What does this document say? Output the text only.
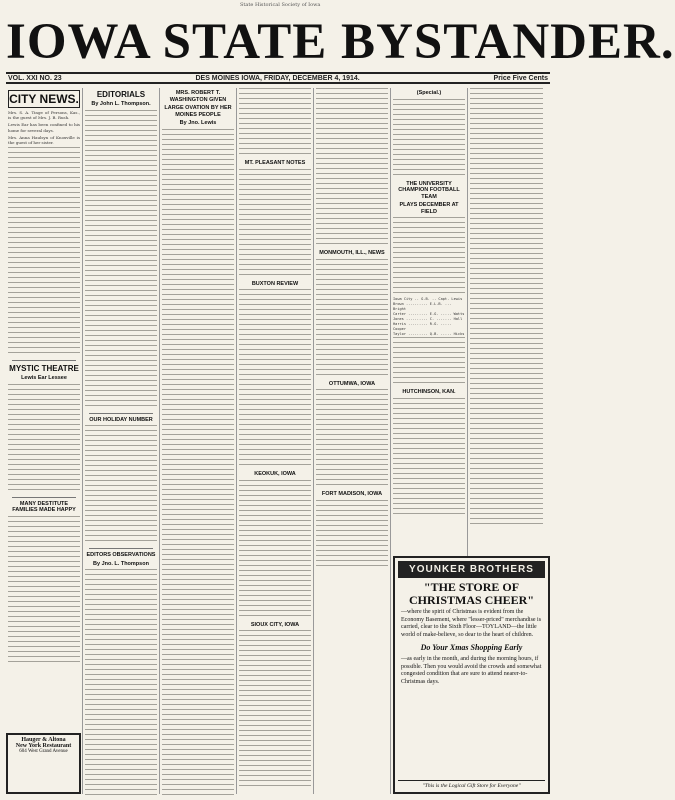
State Historical Society of Iowa
IOWA STATE BYSTANDER.
VOL. XXI NO. 23	DES MOINES IOWA, FRIDAY, DECEMBER 4, 1914.	Price Five Cents
CITY NEWS.
Mrs. S. A. Tinge of Persons, Kas., is the guest of Mrs. J. B. Rush.
Lewis Ear has been confined to his home for several days.
Mrs. Anna Haulsyn of Knoxville is the guest of her sister.
MYSTIC THEATRE
Lewis Ear Lessee
MANY DESTITUTE FAMILIES MADE HAPPY
EDITORIALS
By John L. Thompson.
OUR HOLIDAY NUMBER
EDITORS OBSERVATIONS
By Jno. L. Thompson
MRS. ROBERT T. WASHINGTON GIVEN
LARGE OVATION BY HER MOINES PEOPLE
By Jno. Lewis
MT. PLEASANT NOTES
BUXTON REVIEW
KEOKUK, IOWA
SIOUX CITY, IOWA
MONMOUTH, ILL., NEWS
OTTUMWA, IOWA
FORT MADISON, IOWA
(Special.)
THE UNIVERSITY CHAMPION FOOTBALL TEAM
PLAYS DECEMBER AT FIELD
Iowa City .. G.B. .. Capt. Lewis
Brown .......... E.L.B. ... Bright
Carter ......... E.G. ..... Watts
Jones .......... C. ....... Hall
Harris ......... R.G. ..... Cooper
Taylor ......... Q.B. ..... Hicks
HUTCHINSON, KAN.
YOUNKER BROTHERS
"THE STORE OF CHRISTMAS CHEER"
—where the spirit of Christmas is evident from the Economy Basement, where "lesser-priced" merchandise is carried, clear to the Sixth Floor—TOYLAND—the little world of make-believe, so dear to the heart of children.
Do Your Xmas Shopping Early
—as early in the month, and during the morning hours, if possible. Then you would avoid the crowds and somewhat congested condition that are sure to attend nearer-to-Christmas days.
"This is the Logical Gift Store for Everyone"
Hauger & Altona
New York Restaurant
604 West Grand Avenue
